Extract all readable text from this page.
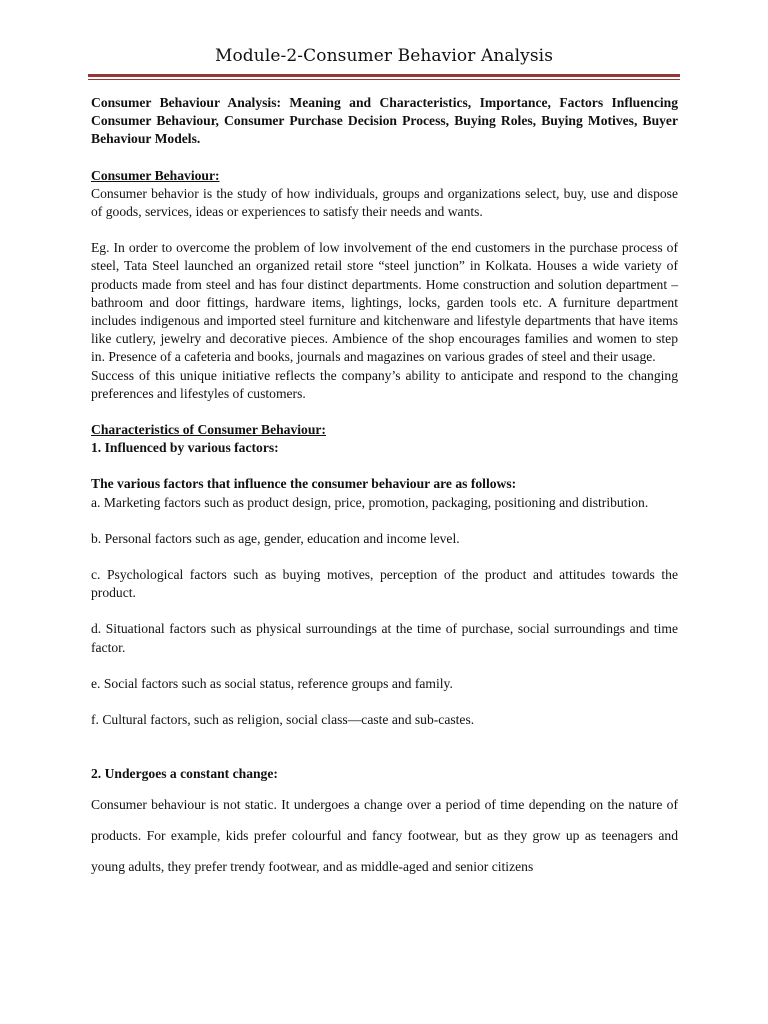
Module-2-Consumer Behavior Analysis

Consumer Behaviour Analysis: Meaning and Characteristics, Importance, Factors Influencing Consumer Behaviour, Consumer Purchase Decision Process, Buying Roles, Buying Motives, Buyer Behaviour Models.

Consumer Behaviour:

Consumer behavior is the study of how individuals, groups and organizations select, buy, use and dispose of goods, services, ideas or experiences to satisfy their needs and wants.

Eg. In order to overcome the problem of low involvement of the end customers in the purchase process of steel, Tata Steel launched an organized retail store “steel junction” in Kolkata. Houses a wide variety of products made from steel and has four distinct departments. Home construction and solution department – bathroom and door fittings, hardware items, lightings, locks, garden tools etc. A furniture department includes indigenous and imported steel furniture and kitchenware and lifestyle departments that have items like cutlery, jewelry and decorative pieces. Ambience of the shop encourages families and women to step in. Presence of a cafeteria and books, journals and magazines on various grades of steel and their usage.

Success of this unique initiative reflects the company’s ability to anticipate and respond to the changing preferences and lifestyles of customers.

Characteristics of Consumer Behaviour:

1. Influenced by various factors:

The various factors that influence the consumer behaviour are as follows:

a. Marketing factors such as product design, price, promotion, packaging, positioning and distribution.

b. Personal factors such as age, gender, education and income level.

c. Psychological factors such as buying motives, perception of the product and attitudes towards the product.

d. Situational factors such as physical surroundings at the time of purchase, social surroundings and time factor.

e. Social factors such as social status, reference groups and family.

f. Cultural factors, such as religion, social class—caste and sub-castes.

2. Undergoes a constant change:

Consumer behaviour is not static. It undergoes a change over a period of time depending on the nature of products. For example, kids prefer colourful and fancy footwear, but as they grow up as teenagers and young adults, they prefer trendy footwear, and as middle-aged and senior citizens
